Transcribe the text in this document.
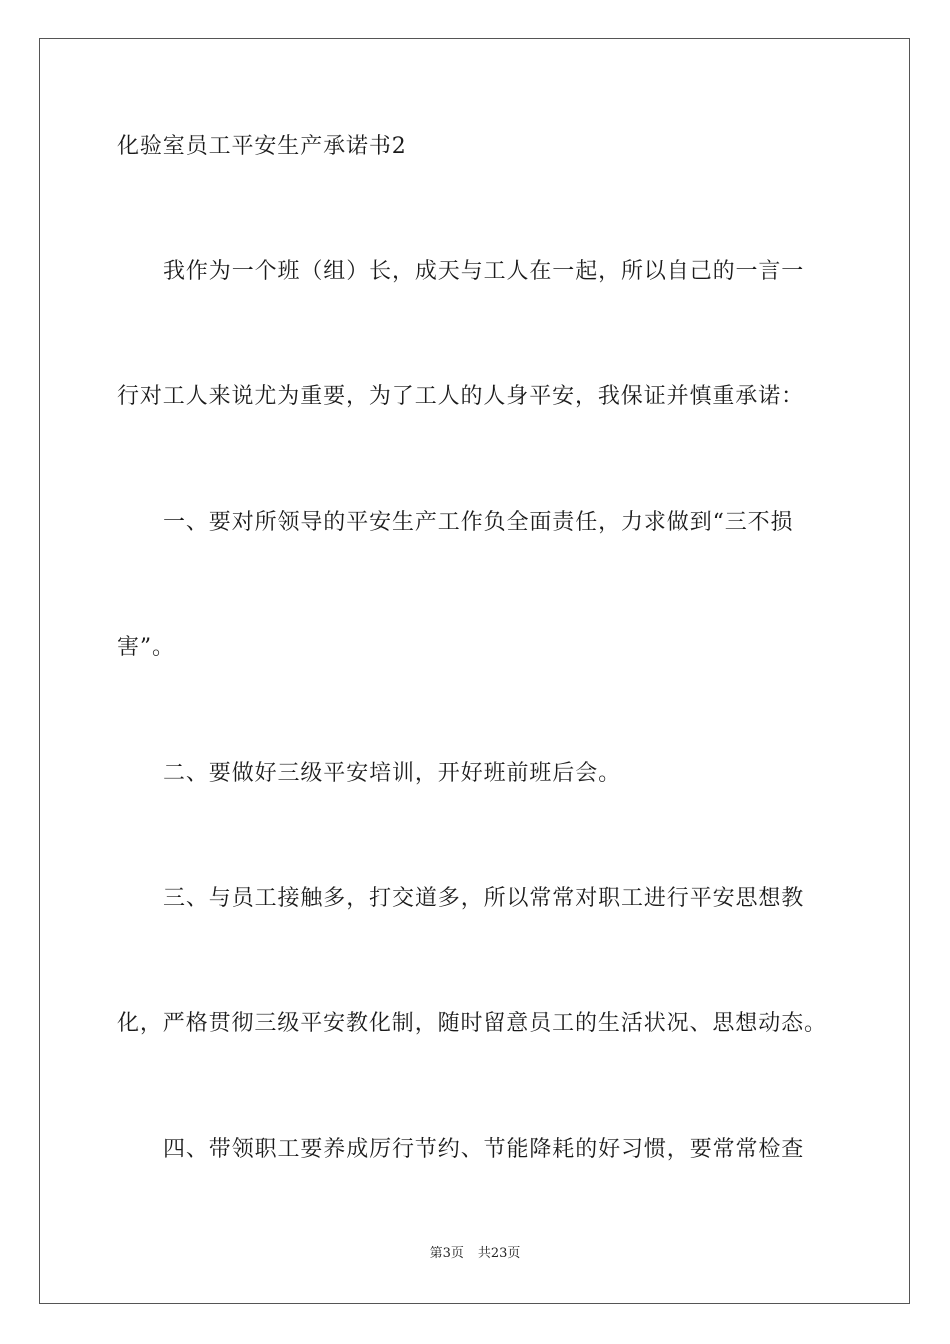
化验室员工平安生产承诺书2
我作为一个班（组）长，成天与工人在一起，所以自己的一言一
行对工人来说尤为重要，为了工人的人身平安，我保证并慎重承诺：
一、要对所领导的平安生产工作负全面责任，力求做到“三不损
害”。
二、要做好三级平安培训，开好班前班后会。
三、与员工接触多，打交道多，所以常常对职工进行平安思想教
化，严格贯彻三级平安教化制，随时留意员工的生活状况、思想动态。
四、带领职工要养成厉行节约、节能降耗的好习惯，要常常检查
第3页 共23页
